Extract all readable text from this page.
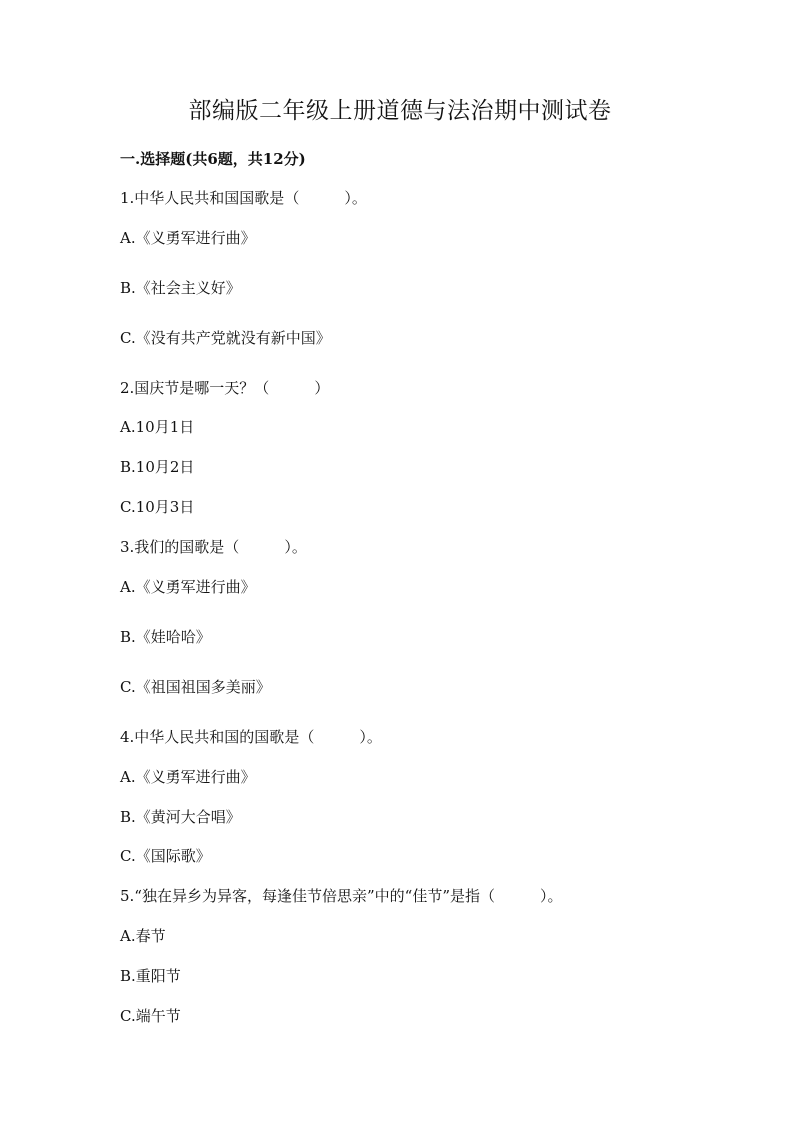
部编版二年级上册道德与法治期中测试卷
一.选择题(共6题，共12分)
1.中华人民共和国国歌是（　　　）。
A.《义勇军进行曲》
B.《社会主义好》
C.《没有共产党就没有新中国》
2.国庆节是哪一天？（　　　）
A.10月1日
B.10月2日
C.10月3日
3.我们的国歌是（　　　）。
A.《义勇军进行曲》
B.《娃哈哈》
C.《祖国祖国多美丽》
4.中华人民共和国的国歌是（　　　）。
A.《义勇军进行曲》
B.《黄河大合唱》
C.《国际歌》
5.“独在异乡为异客，每逢佳节倍思亲”中的“佳节”是指（　　　）。
A.春节
B.重阳节
C.端午节
